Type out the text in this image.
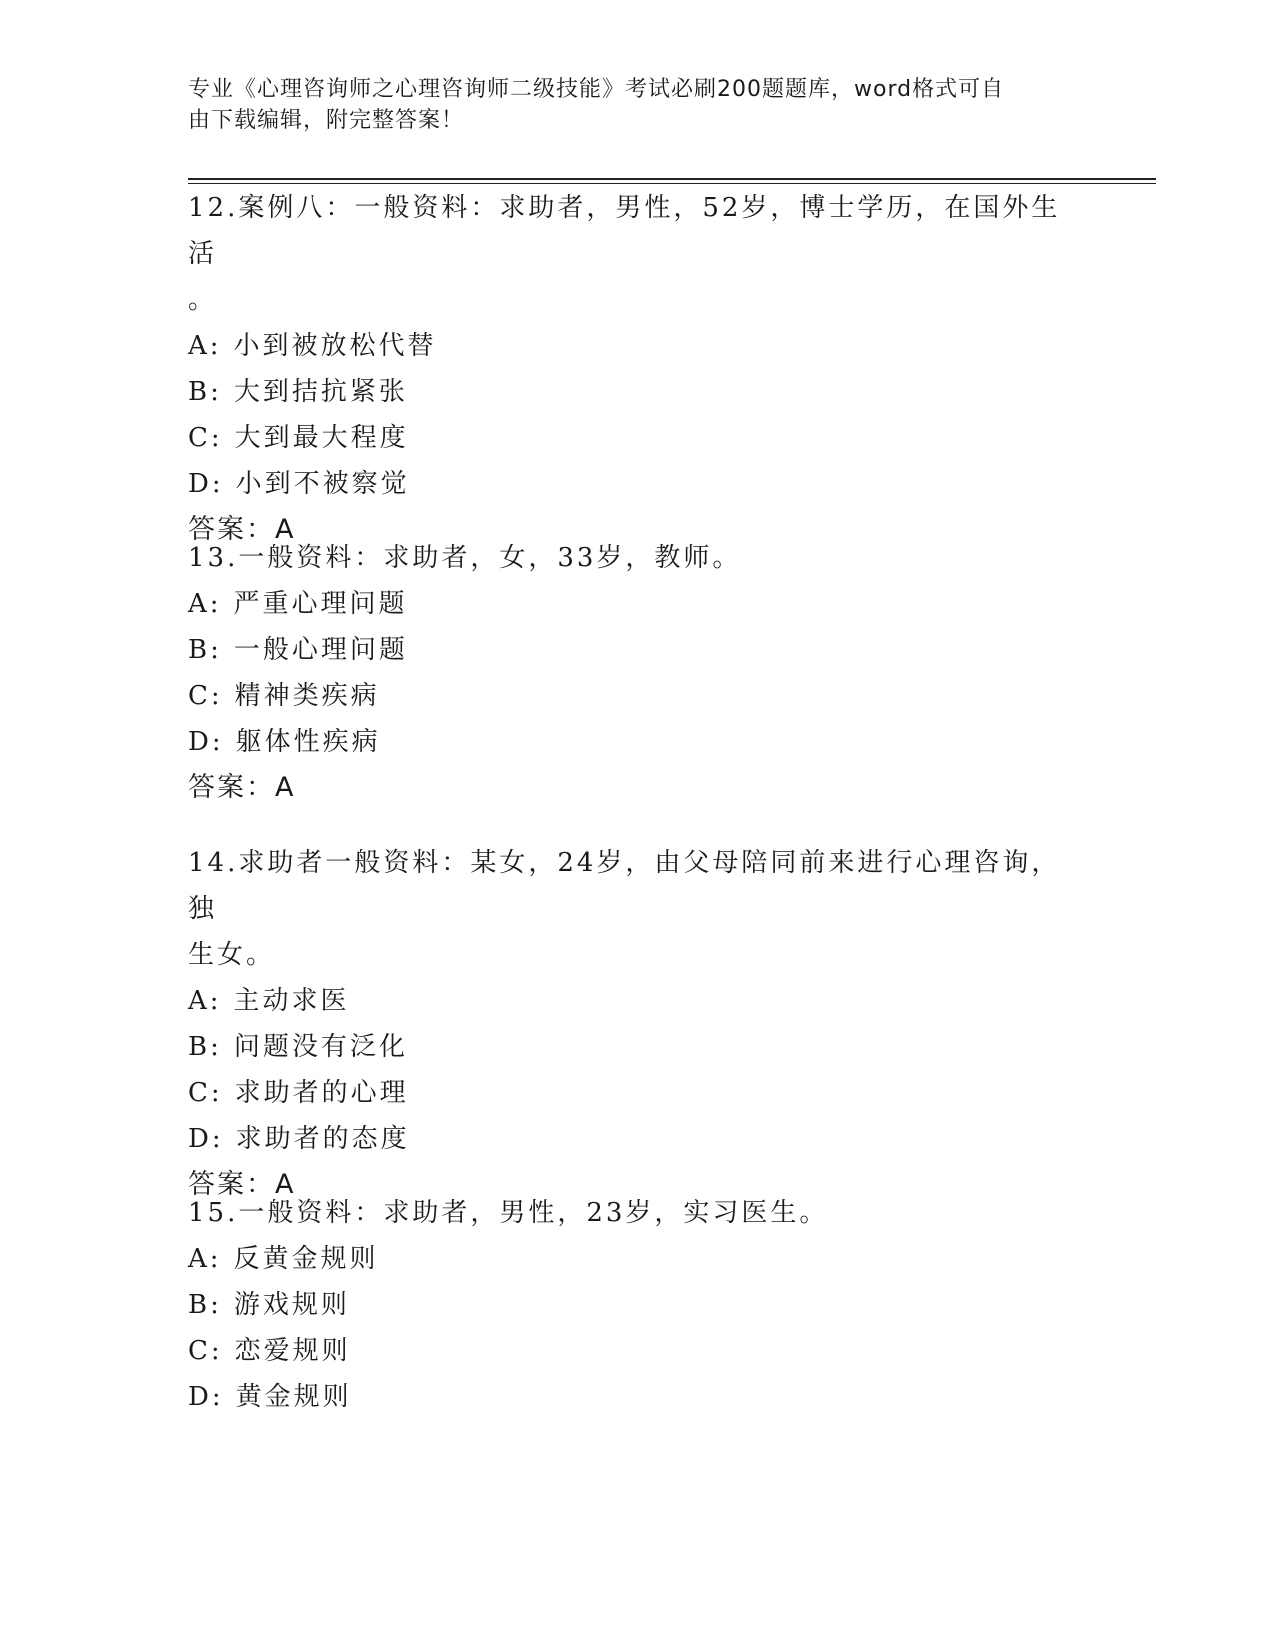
专业《心理咨询师之心理咨询师二级技能》考试必刷200题题库，word格式可自
由下载编辑，附完整答案！

12.案例八：一般资料：求助者，男性，52岁，博士学历，在国外生活

。

A: 小到被放松代替

B: 大到拮抗紧张

C: 大到最大程度

D: 小到不被察觉

答案：A

13.一般资料：求助者，女，33岁，教师。

A: 严重心理问题

B: 一般心理问题

C: 精神类疾病

D: 躯体性疾病

答案：A

14.求助者一般资料：某女，24岁，由父母陪同前来进行心理咨询，独

生女。

A: 主动求医

B: 问题没有泛化

C: 求助者的心理

D: 求助者的态度

答案：A

15.一般资料：求助者，男性，23岁，实习医生。

A: 反黄金规则

B: 游戏规则

C: 恋爱规则

D: 黄金规则
